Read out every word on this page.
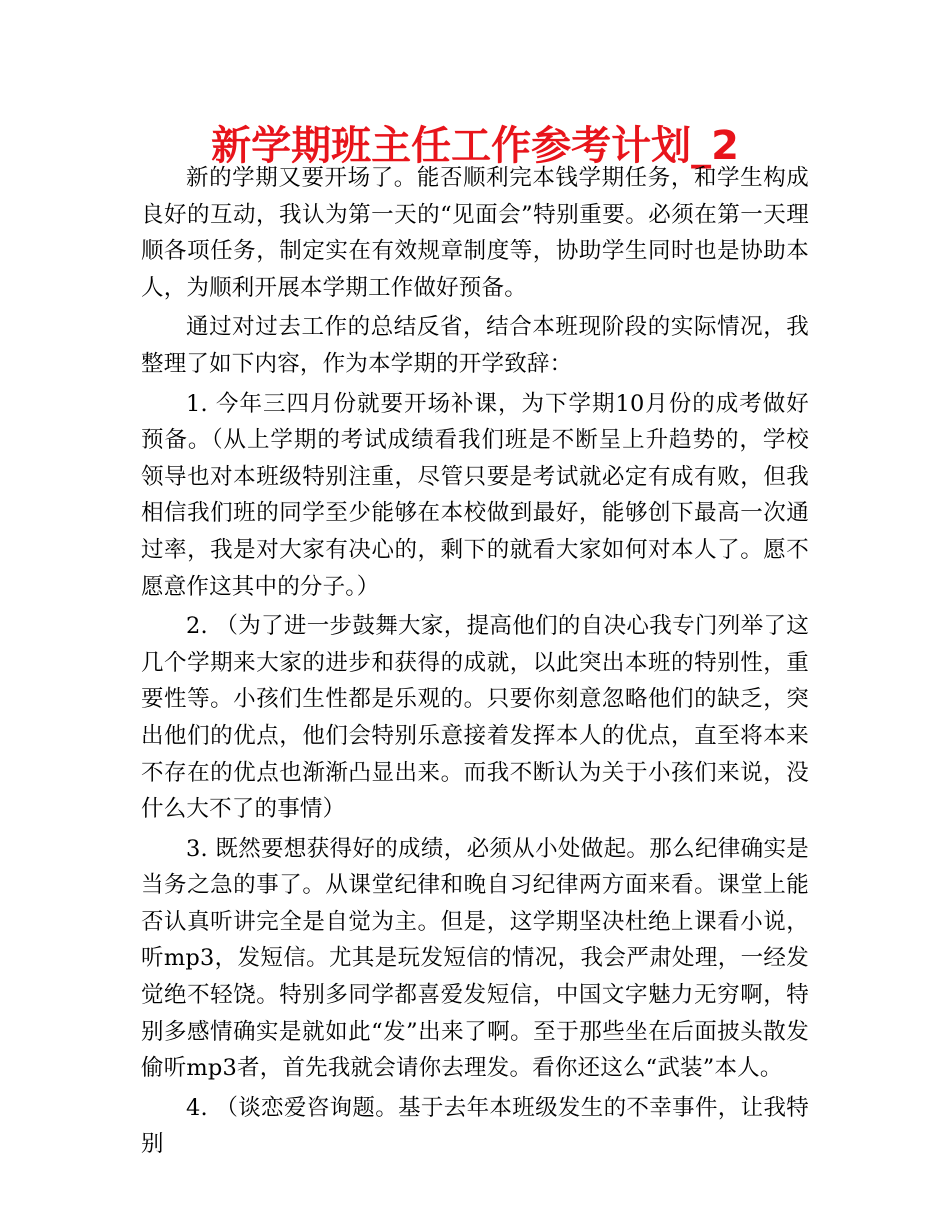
新学期班主任工作参考计划_2

新的学期又要开场了。能否顺利完本钱学期任务，和学生构成良好的互动，我认为第一天的“见面会”特别重要。必须在第一天理顺各项任务，制定实在有效规章制度等，协助学生同时也是协助本人，为顺利开展本学期工作做好预备。

通过对过去工作的总结反省，结合本班现阶段的实际情况，我整理了如下内容，作为本学期的开学致辞：

1. 今年三四月份就要开场补课，为下学期10月份的成考做好预备。（从上学期的考试成绩看我们班是不断呈上升趋势的，学校领导也对本班级特别注重，尽管只要是考试就必定有成有败，但我相信我们班的同学至少能够在本校做到最好，能够创下最高一次通过率，我是对大家有决心的，剩下的就看大家如何对本人了。愿不愿意作这其中的分子。）

2. （为了进一步鼓舞大家，提高他们的自决心我专门列举了这几个学期来大家的进步和获得的成就，以此突出本班的特别性，重要性等。小孩们生性都是乐观的。只要你刻意忽略他们的缺乏，突出他们的优点，他们会特别乐意接着发挥本人的优点，直至将本来不存在的优点也渐渐凸显出来。而我不断认为关于小孩们来说，没什么大不了的事情）

3. 既然要想获得好的成绩，必须从小处做起。那么纪律确实是当务之急的事了。从课堂纪律和晚自习纪律两方面来看。课堂上能否认真听讲完全是自觉为主。但是，这学期坚决杜绝上课看小说，听mp3，发短信。尤其是玩发短信的情况，我会严肃处理，一经发觉绝不轻饶。特别多同学都喜爱发短信，中国文字魅力无穷啊，特别多感情确实是就如此“发”出来了啊。至于那些坐在后面披头散发偷听mp3者，首先我就会请你去理发。看你还这么“武装”本人。

4. （谈恋爱咨询题。基于去年本班级发生的不幸事件，让我特别
